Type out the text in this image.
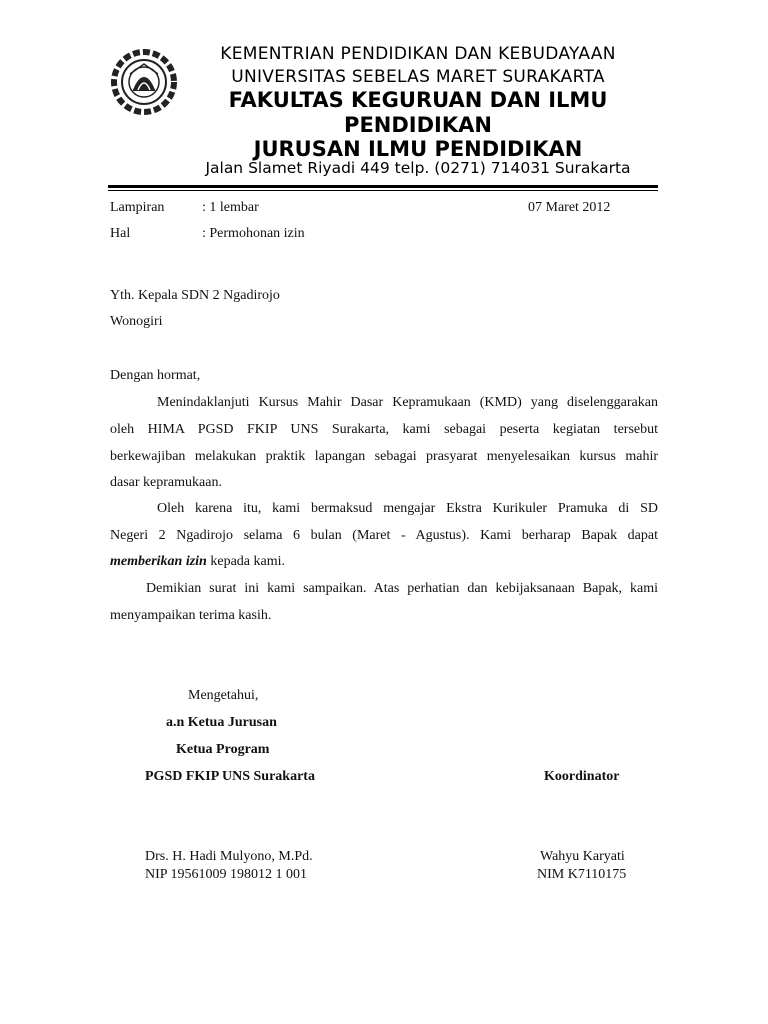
KEMENTRIAN PENDIDIKAN DAN KEBUDAYAAN
UNIVERSITAS SEBELAS MARET SURAKARTA
FAKULTAS KEGURUAN DAN ILMU
PENDIDIKAN
JURUSAN ILMU PENDIDIKAN
Jalan Slamet Riyadi 449 telp. (0271) 714031 Surakarta
Lampiran	: 1 lembar	07 Maret 2012
Hal	: Permohonan izin
Yth. Kepala SDN 2 Ngadirojo
Wonogiri
Dengan hormat,
Menindaklanjuti Kursus Mahir Dasar Kepramukaan (KMD) yang diselenggarakan
oleh HIMA PGSD FKIP UNS Surakarta, kami sebagai peserta kegiatan tersebut
berkewajiban melakukan praktik lapangan sebagai prasyarat menyelesaikan kursus mahir
dasar kepramukaan.
Oleh karena itu, kami bermaksud mengajar Ekstra Kurikuler Pramuka di SD
Negeri 2 Ngadirojo selama 6 bulan (Maret - Agustus). Kami berharap Bapak dapat
memberikan izin kepada kami.
Demikian surat ini kami sampaikan. Atas perhatian dan kebijaksanaan Bapak, kami
menyampaikan terima kasih.
Mengetahui,
a.n Ketua Jurusan
Ketua Program
PGSD FKIP UNS Surakarta	Koordinator
Drs. H. Hadi Mulyono, M.Pd.
NIP 19561009 198012 1 001
Wahyu Karyati
NIM K7110175
